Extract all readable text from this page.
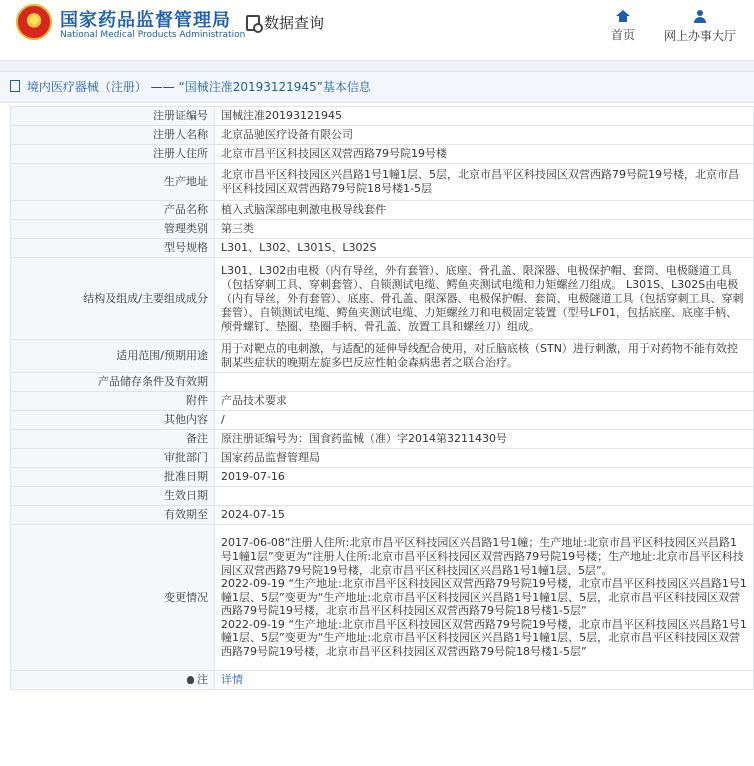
国家药品监督管理局
National Medical Products Administration
数据查询
首页	网上办事大厅
境内医疗器械（注册） —— “国械注准20193121945”基本信息
注册证编号	国械注准20193121945
注册人名称	北京品驰医疗设备有限公司
注册人住所	北京市昌平区科技园区双营西路79号院19号楼
生产地址	北京市昌平区科技园区兴昌路1号1幢1层、5层，北京市昌平区科技园区双营西路79号院19号楼，北京市昌平区科技园区双营西路79号院18号楼1-5层
产品名称	植入式脑深部电刺激电极导线套件
管理类别	第三类
型号规格	L301、L302、L301S、L302S
结构及组成/主要组成成分	L301、L302由电极（内有导丝，外有套管）、底座、骨孔盖、限深器、电极保护帽、套筒、电极隧道工具（包括穿刺工具、穿刺套管）、自锁测试电缆、鳄鱼夹测试电缆和力矩螺丝刀组成。 L301S、L302S由电极（内有导丝，外有套管）、底座、骨孔盖、限深器、电极保护帽、套筒、电极隧道工具（包括穿刺工具、穿刺套管）、自锁测试电缆、鳄鱼夹测试电缆、力矩螺丝刀和电极固定装置（型号LF01，包括底座、底座手柄、颅骨螺钉、垫圈、垫圈手柄、骨孔盖、放置工具和螺丝刀）组成。
适用范围/预期用途	用于对靶点的电刺激，与适配的延伸导线配合使用，对丘脑底核（STN）进行刺激，用于对药物不能有效控制某些症状的晚期左旋多巴反应性帕金森病患者之联合治疗。
产品储存条件及有效期	
附件	产品技术要求
其他内容	/
备注	原注册证编号为：国食药监械（准）字2014第3211430号
审批部门	国家药品监督管理局
批准日期	2019-07-16
生效日期	
有效期至	2024-07-15
变更情况	2017-06-08“注册人住所:北京市昌平区科技园区兴昌路1号1幢；生产地址:北京市昌平区科技园区兴昌路1号1幢1层”变更为“注册人住所:北京市昌平区科技园区双营西路79号院19号楼；生产地址:北京市昌平区科技园区双营西路79号院19号楼，北京市昌平区科技园区兴昌路1号1幢1层、5层”。
2022-09-19 “生产地址:北京市昌平区科技园区双营西路79号院19号楼，北京市昌平区科技园区兴昌路1号1幢1层、5层”变更为“生产地址:北京市昌平区科技园区兴昌路1号1幢1层、5层，北京市昌平区科技园区双营西路79号院19号楼，北京市昌平区科技园区双营西路79号院18号楼1-5层”
2022-09-19 “生产地址:北京市昌平区科技园区双营西路79号院19号楼，北京市昌平区科技园区兴昌路1号1幢1层、5层”变更为“生产地址:北京市昌平区科技园区兴昌路1号1幢1层、5层，北京市昌平区科技园区双营西路79号院19号楼，北京市昌平区科技园区双营西路79号院18号楼1-5层”
注	详情
